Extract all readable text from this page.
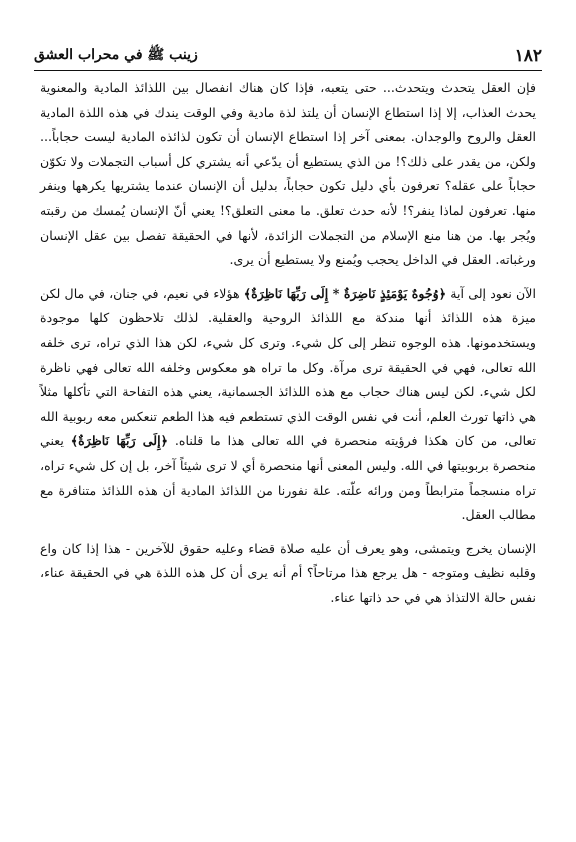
١٨٢
زينب ﷺ في محراب العشق

فإن العقل يتحدث ويتحدث... حتى يتعبه، فإذا كان هناك انفصال بين اللذائذ المادية والمعنوية يحدث العذاب، إلا إذا استطاع الإنسان أن يلتذ لذة مادية وفي الوقت يندك في هذه اللذة المادية العقل والروح والوجدان. بمعنى آخر إذا استطاع الإنسان أن تكون لذائذه المادية ليست حجاباً... ولكن، من يقدر على ذلك؟! من الذي يستطيع أن يدّعي أنه يشتري كل أسباب التجملات ولا تكوّن حجاباً على عقله؟ تعرفون بأي دليل تكون حجاباً، بدليل أن الإنسان عندما يشتريها يكرهها وينفر منها. تعرفون لماذا ينفر؟! لأنه حدث تعلق. ما معنى التعلق؟! يعني أنّ الإنسان يُمسك من رقبته ويُجر بها. من هنا منع الإسلام من التجملات الزائدة، لأنها في الحقيقة تفصل بين عقل الإنسان ورغباته. العقل في الداخل يحجب ويُمنع ولا يستطيع أن يرى.

الآن نعود إلى آية ﴿وُجُوهٌ يَوْمَئِذٍ نَاضِرَةٌ * إِلَى رَبِّهَا نَاظِرَةٌ﴾ هؤلاء في نعيم، في جنان، في مال لكن ميزة هذه اللذائذ أنها مندكة مع اللذائذ الروحية والعقلية. لذلك تلاحظون كلها موجودة ويستخدمونها. هذه الوجوه تنظر إلى كل شيء. وترى كل شيء، لكن هذا الذي تراه، ترى خلفه الله تعالى، فهي في الحقيقة ترى مرآة. وكل ما تراه هو معكوس وخلفه الله تعالى فهي ناظرة لكل شيء. لكن ليس هناك حجاب مع هذه اللذائذ الجسمانية، يعني هذه التفاحة التي تأكلها مثلاً هي ذاتها تورث العلم، أنت في نفس الوقت الذي تستطعم فيه هذا الطعم تنعكس معه ربوبية الله تعالى، من كان هكذا فرؤيته منحصرة في الله تعالى هذا ما قلناه. ﴿إِلَى رَبِّهَا نَاظِرَةٌ﴾ يعني منحصرة بربوبيتها في الله. وليس المعنى أنها منحصرة أي لا ترى شيئاً آخر، بل إن كل شيء تراه، تراه منسجماً مترابطاً ومن ورائه علّته. علة نفورنا من اللذائذ المادية أن هذه اللذائذ متنافرة مع مطالب العقل.

الإنسان يخرج ويتمشى، وهو يعرف أن عليه صلاة قضاء وعليه حقوق للآخرين - هذا إذا كان واع وقلبه نظيف ومتوجه - هل يرجع هذا مرتاحاً؟ أم أنه يرى أن كل هذه اللذة هي في الحقيقة عناء، نفس حالة الالتذاذ هي في حد ذاتها عناء.
